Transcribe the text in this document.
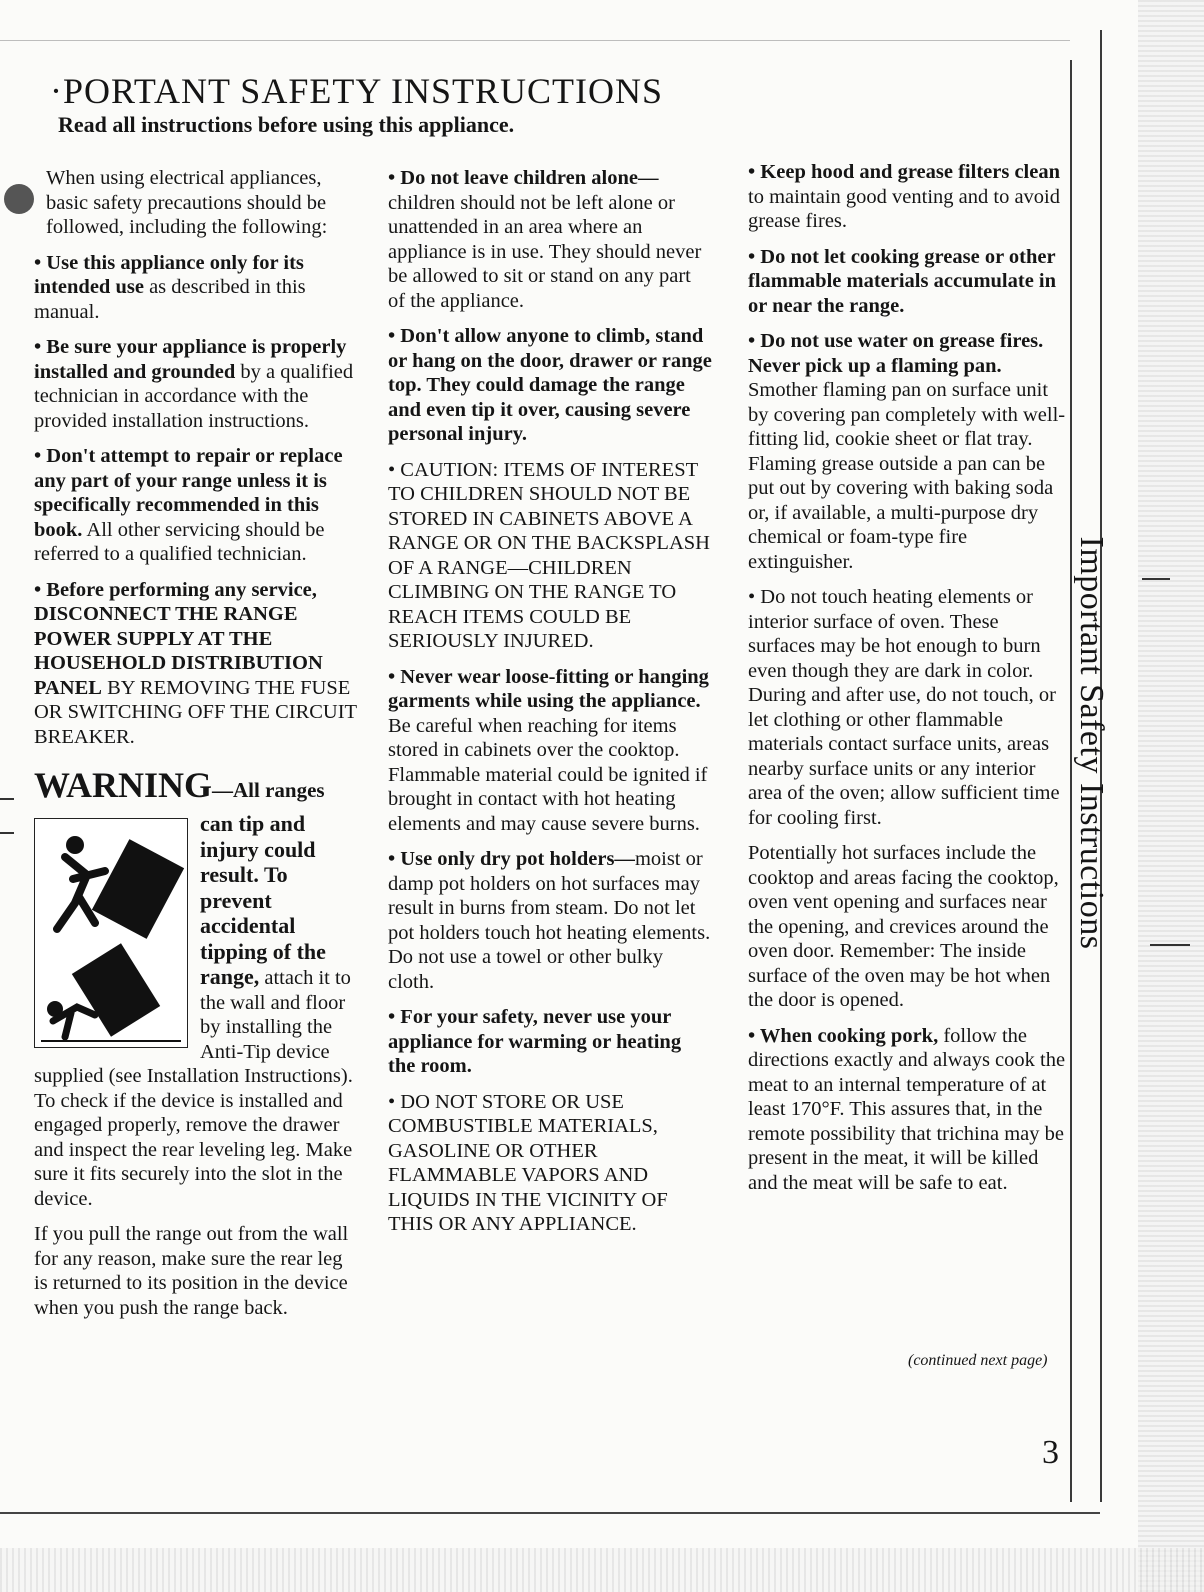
·PORTANT SAFETY INSTRUCTIONS
Read all instructions before using this appliance.

When using electrical appliances, basic safety precautions should be followed, including the following:

• Use this appliance only for its intended use as described in this manual.

• Be sure your appliance is properly installed and grounded by a qualified technician in accordance with the provided installation instructions.

• Don't attempt to repair or replace any part of your range unless it is specifically recommended in this book. All other servicing should be referred to a qualified technician.

• Before performing any service, DISCONNECT THE RANGE POWER SUPPLY AT THE HOUSEHOLD DISTRIBUTION PANEL BY REMOVING THE FUSE OR SWITCHING OFF THE CIRCUIT BREAKER.

WARNING—All ranges

can tip and injury could result. To prevent accidental tipping of the range, attach it to the wall and floor by installing the Anti-Tip device supplied (see Installation Instructions). To check if the device is installed and engaged properly, remove the drawer and inspect the rear leveling leg. Make sure it fits securely into the slot in the device.

If you pull the range out from the wall for any reason, make sure the rear leg is returned to its position in the device when you push the range back.

• Do not leave children alone—children should not be left alone or unattended in an area where an appliance is in use. They should never be allowed to sit or stand on any part of the appliance.

• Don't allow anyone to climb, stand or hang on the door, drawer or range top. They could damage the range and even tip it over, causing severe personal injury.

• CAUTION: ITEMS OF INTEREST TO CHILDREN SHOULD NOT BE STORED IN CABINETS ABOVE A RANGE OR ON THE BACKSPLASH OF A RANGE—CHILDREN CLIMBING ON THE RANGE TO REACH ITEMS COULD BE SERIOUSLY INJURED.

• Never wear loose-fitting or hanging garments while using the appliance. Be careful when reaching for items stored in cabinets over the cooktop. Flammable material could be ignited if brought in contact with hot heating elements and may cause severe burns.

• Use only dry pot holders—moist or damp pot holders on hot surfaces may result in burns from steam. Do not let pot holders touch hot heating elements. Do not use a towel or other bulky cloth.

• For your safety, never use your appliance for warming or heating the room.

• DO NOT STORE OR USE COMBUSTIBLE MATERIALS, GASOLINE OR OTHER FLAMMABLE VAPORS AND LIQUIDS IN THE VICINITY OF THIS OR ANY APPLIANCE.

• Keep hood and grease filters clean to maintain good venting and to avoid grease fires.

• Do not let cooking grease or other flammable materials accumulate in or near the range.

• Do not use water on grease fires. Never pick up a flaming pan. Smother flaming pan on surface unit by covering pan completely with well-fitting lid, cookie sheet or flat tray. Flaming grease outside a pan can be put out by covering with baking soda or, if available, a multi-purpose dry chemical or foam-type fire extinguisher.

• Do not touch heating elements or interior surface of oven. These surfaces may be hot enough to burn even though they are dark in color. During and after use, do not touch, or let clothing or other flammable materials contact surface units, areas nearby surface units or any interior area of the oven; allow sufficient time for cooling first.

Potentially hot surfaces include the cooktop and areas facing the cooktop, oven vent opening and surfaces near the opening, and crevices around the oven door. Remember: The inside surface of the oven may be hot when the door is opened.

• When cooking pork, follow the directions exactly and always cook the meat to an internal temperature of at least 170°F. This assures that, in the remote possibility that trichina may be present in the meat, it will be killed and the meat will be safe to eat.

(continued next page)
Important Safety Instructions
3
